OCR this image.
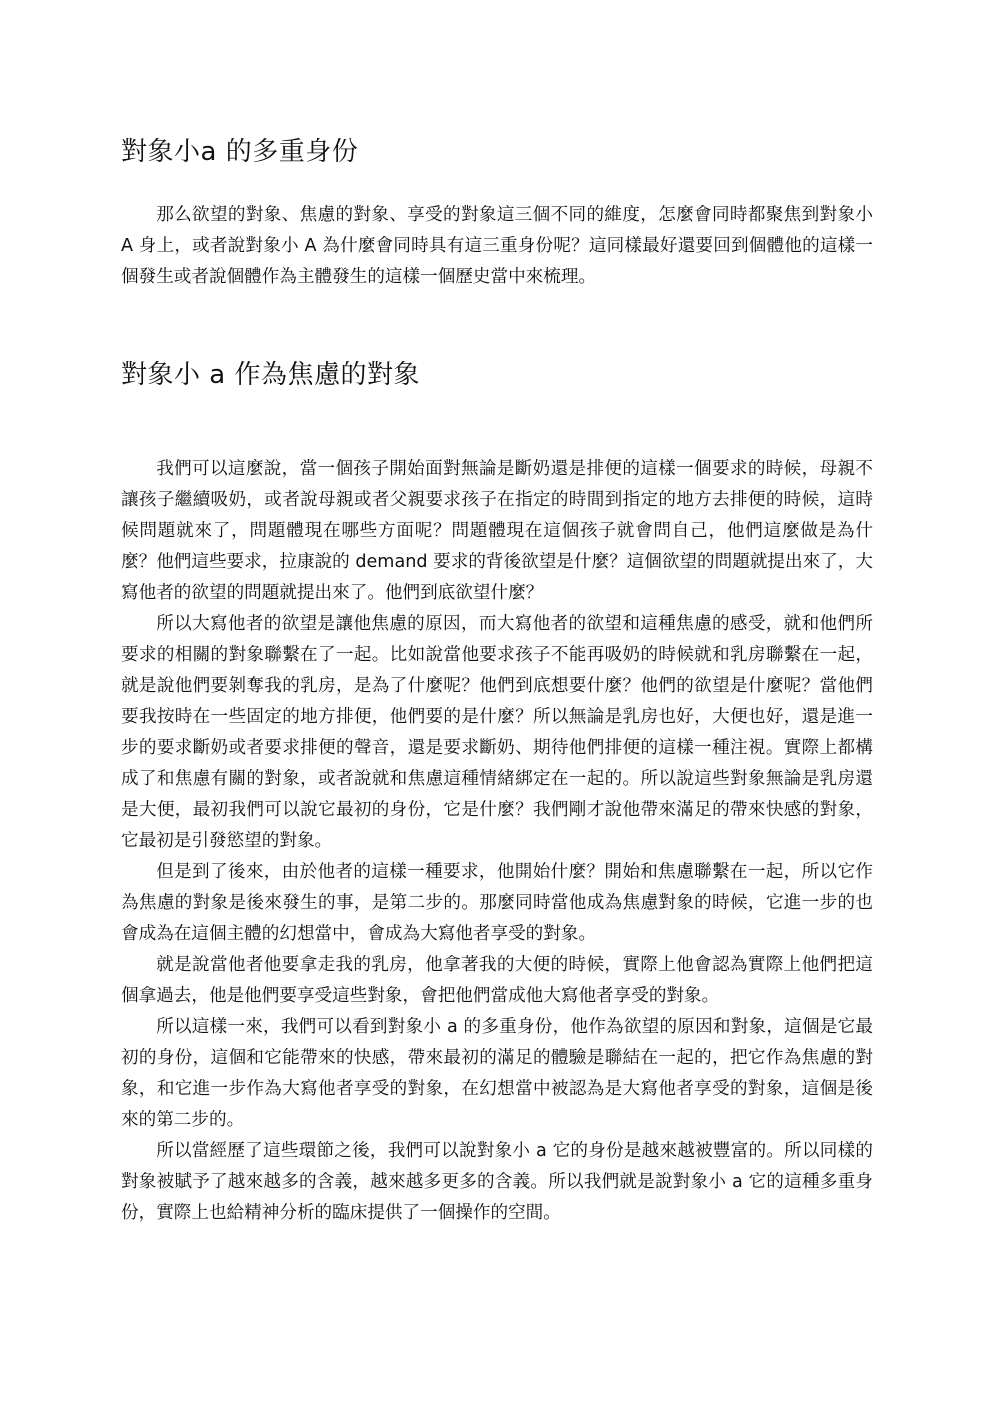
對象小a 的多重身份

那么欲望的對象、焦慮的對象、享受的對象這三個不同的維度，怎麼會同時都聚焦到對象小 A 身上，或者說對象小 A 為什麼會同時具有這三重身份呢？這同樣最好還要回到個體他的這樣一個發生或者說個體作為主體發生的這樣一個歷史當中來梳理。

對象小 a 作為焦慮的對象

我們可以這麼說，當一個孩子開始面對無論是斷奶還是排便的這樣一個要求的時候，母親不讓孩子繼續吸奶，或者說母親或者父親要求孩子在指定的時間到指定的地方去排便的時候，這時候問題就來了，問題體現在哪些方面呢？問題體現在這個孩子就會問自己，他們這麼做是為什麼？他們這些要求，拉康說的 demand 要求的背後欲望是什麼？這個欲望的問題就提出來了，大寫他者的欲望的問題就提出來了。他們到底欲望什麼？

所以大寫他者的欲望是讓他焦慮的原因，而大寫他者的欲望和這種焦慮的感受，就和他們所要求的相關的對象聯繫在了一起。比如說當他要求孩子不能再吸奶的時候就和乳房聯繫在一起，就是說他們要剝奪我的乳房，是為了什麼呢？他們到底想要什麼？他們的欲望是什麼呢？當他們要我按時在一些固定的地方排便，他們要的是什麼？所以無論是乳房也好，大便也好，還是進一步的要求斷奶或者要求排便的聲音，還是要求斷奶、期待他們排便的這樣一種注視。實際上都構成了和焦慮有關的對象，或者說就和焦慮這種情緒綁定在一起的。所以說這些對象無論是乳房還是大便，最初我們可以說它最初的身份，它是什麼？我們剛才說他帶來滿足的帶來快感的對象，它最初是引發慾望的對象。

但是到了後來，由於他者的這樣一種要求，他開始什麼？開始和焦慮聯繫在一起，所以它作為焦慮的對象是後來發生的事，是第二步的。那麼同時當他成為焦慮對象的時候，它進一步的也會成為在這個主體的幻想當中，會成為大寫他者享受的對象。

就是說當他者他要拿走我的乳房，他拿著我的大便的時候，實際上他會認為實際上他們把這個拿過去，他是他們要享受這些對象，會把他們當成他大寫他者享受的對象。

所以這樣一來，我們可以看到對象小 a 的多重身份，他作為欲望的原因和對象，這個是它最初的身份，這個和它能帶來的快感，帶來最初的滿足的體驗是聯結在一起的，把它作為焦慮的對象，和它進一步作為大寫他者享受的對象，在幻想當中被認為是大寫他者享受的對象，這個是後來的第二步的。

所以當經歷了這些環節之後，我們可以說對象小 a 它的身份是越來越被豐富的。所以同樣的對象被賦予了越來越多的含義，越來越多更多的含義。所以我們就是說對象小 a 它的這種多重身份，實際上也給精神分析的臨床提供了一個操作的空間。
